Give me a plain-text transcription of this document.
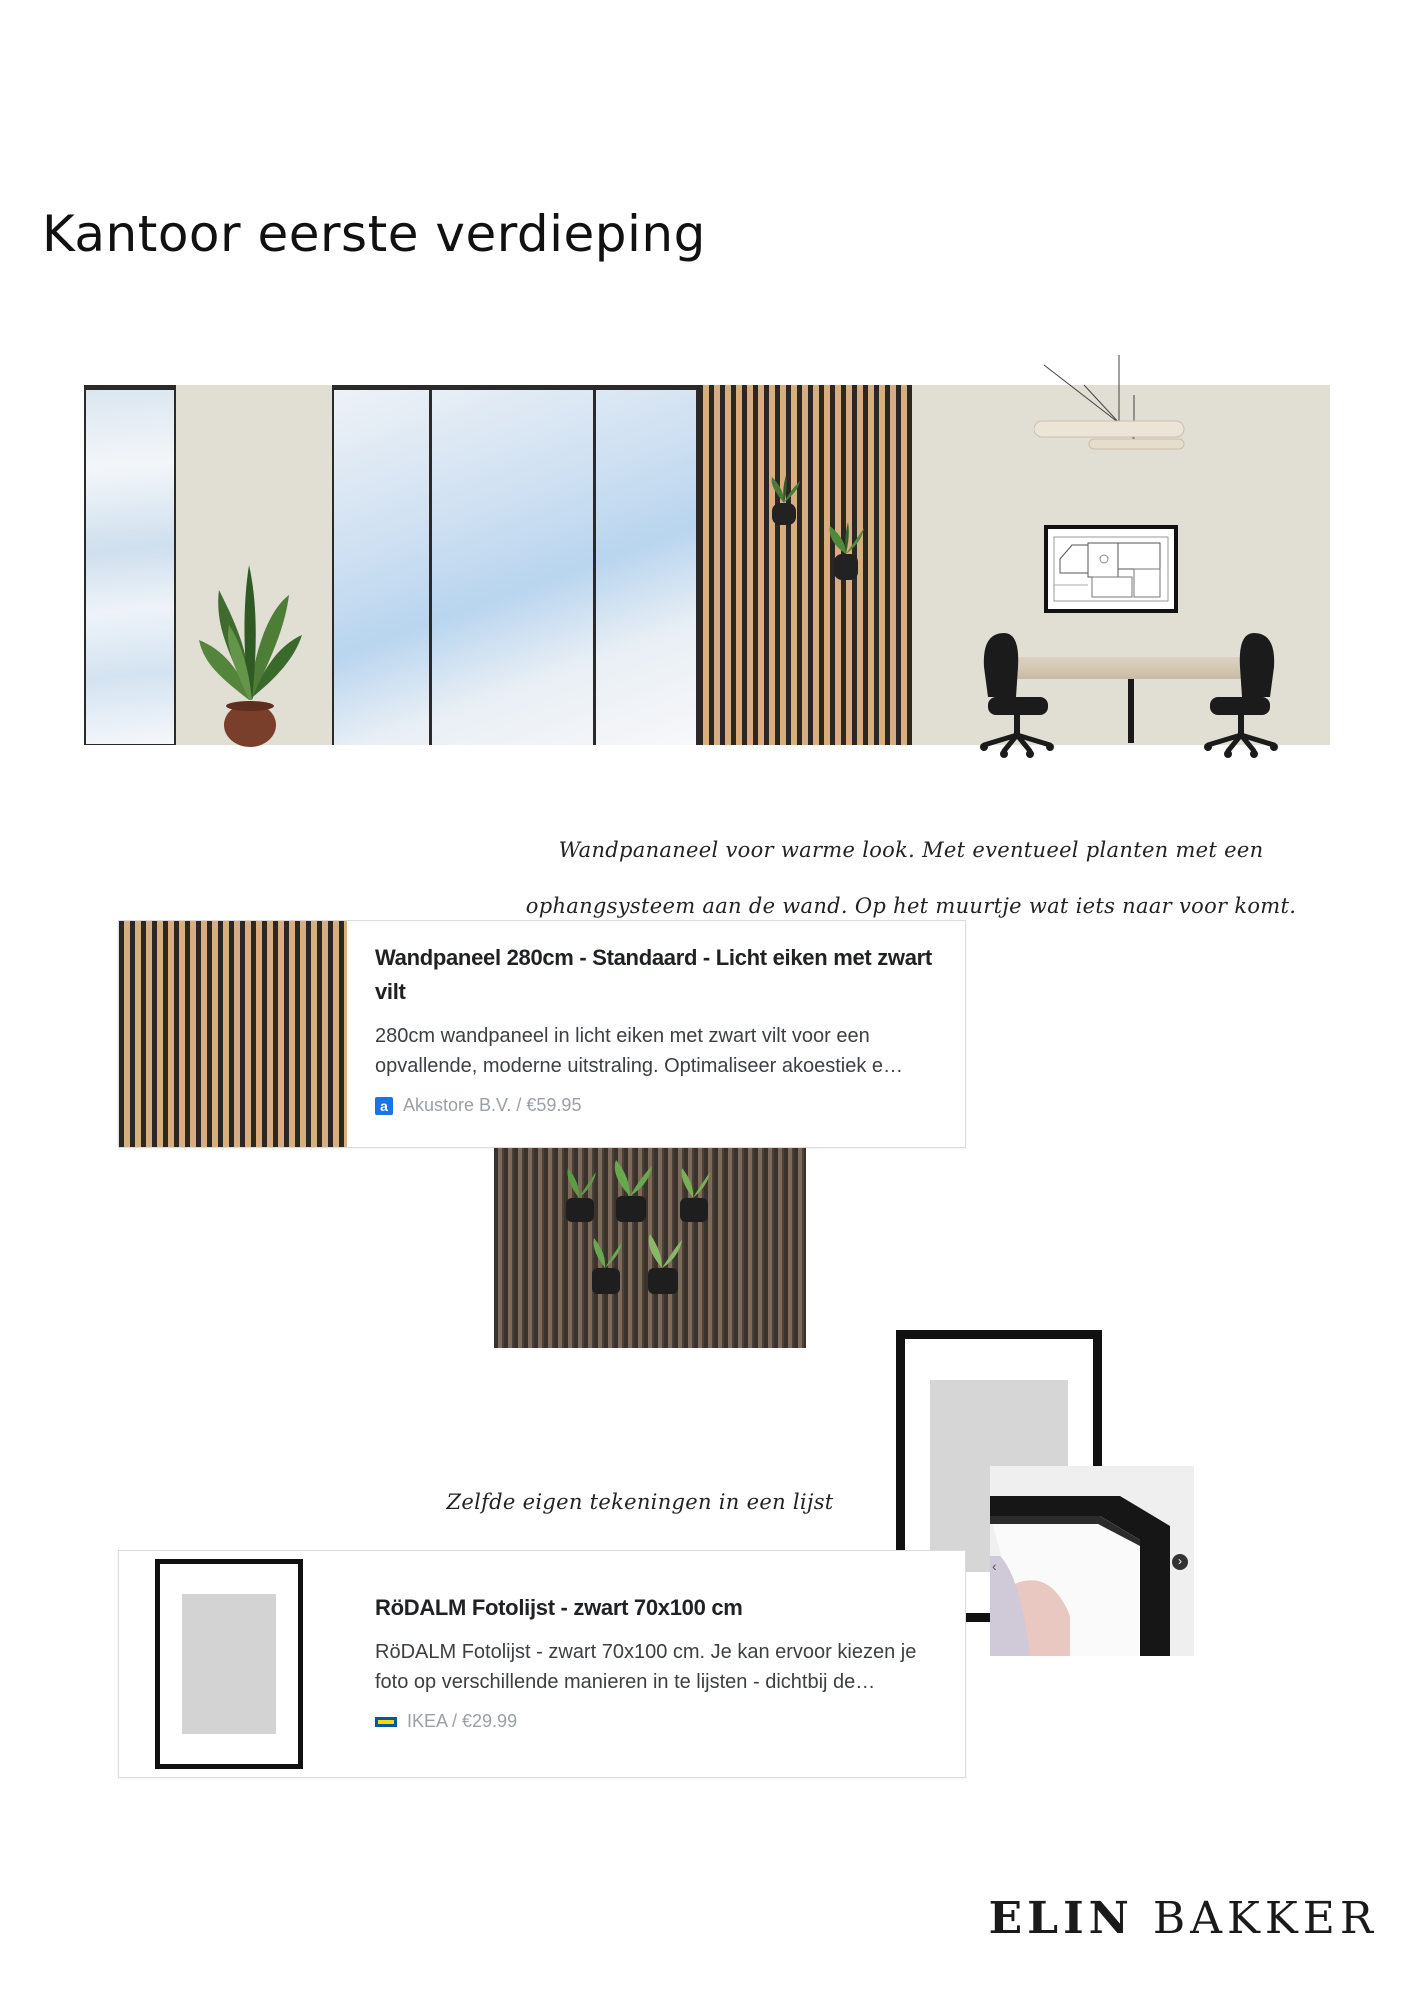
Kantoor eerste verdieping
Wandpananeel voor warme look. Met eventueel planten met een ophangsysteem aan de wand. Op het muurtje wat iets naar voor komt.
Wandpaneel 280cm - Standaard - Licht eiken met zwart vilt
280cm wandpaneel in licht eiken met zwart vilt voor een opvallende, moderne uitstraling. Optimaliseer akoestiek e…
a Akustore B.V. / €59.95
‹	›
Zelfde eigen tekeningen in een lijst
RöDALM Fotolijst - zwart 70x100 cm
RöDALM Fotolijst - zwart 70x100 cm. Je kan ervoor kiezen je foto op verschillende manieren in te lijsten - dichtbij de…
IKEA / €29.99
ELIN BAKKER
